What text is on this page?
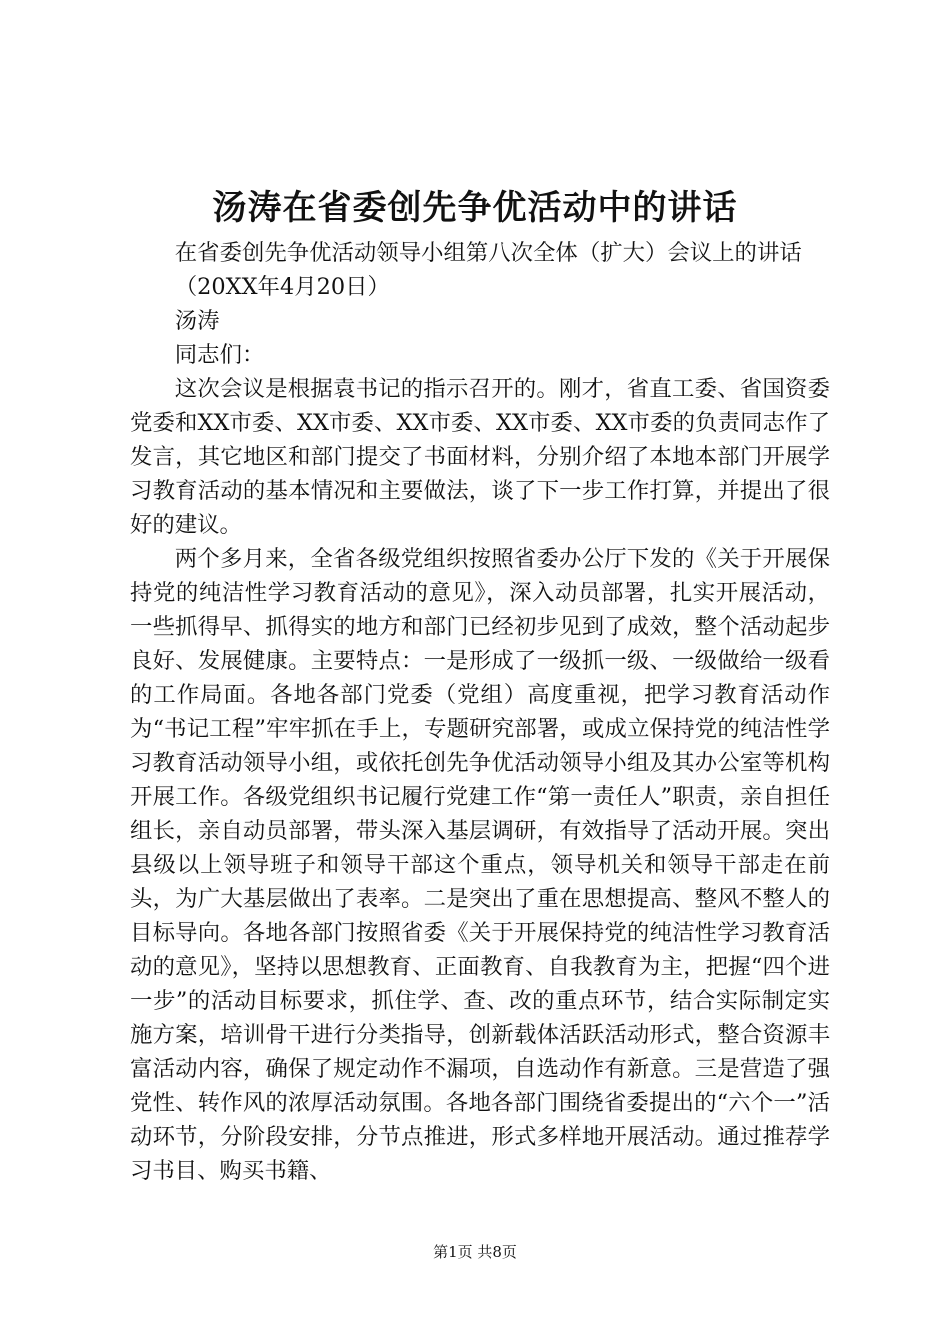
汤涛在省委创先争优活动中的讲话

在省委创先争优活动领导小组第八次全体（扩大）会议上的讲话

（20XX年4月20日）

汤涛

同志们：

这次会议是根据袁书记的指示召开的。刚才，省直工委、省国资委党委和XX市委、XX市委、XX市委、XX市委、XX市委的负责同志作了发言，其它地区和部门提交了书面材料，分别介绍了本地本部门开展学习教育活动的基本情况和主要做法，谈了下一步工作打算，并提出了很好的建议。

两个多月来，全省各级党组织按照省委办公厅下发的《关于开展保持党的纯洁性学习教育活动的意见》，深入动员部署，扎实开展活动，一些抓得早、抓得实的地方和部门已经初步见到了成效，整个活动起步良好、发展健康。主要特点：一是形成了一级抓一级、一级做给一级看的工作局面。各地各部门党委（党组）高度重视，把学习教育活动作为“书记工程”牢牢抓在手上，专题研究部署，或成立保持党的纯洁性学习教育活动领导小组，或依托创先争优活动领导小组及其办公室等机构开展工作。各级党组织书记履行党建工作“第一责任人”职责，亲自担任组长，亲自动员部署，带头深入基层调研，有效指导了活动开展。突出县级以上领导班子和领导干部这个重点，领导机关和领导干部走在前头，为广大基层做出了表率。二是突出了重在思想提高、整风不整人的目标导向。各地各部门按照省委《关于开展保持党的纯洁性学习教育活动的意见》，坚持以思想教育、正面教育、自我教育为主，把握“四个进一步”的活动目标要求，抓住学、查、改的重点环节，结合实际制定实施方案，培训骨干进行分类指导，创新载体活跃活动形式，整合资源丰富活动内容，确保了规定动作不漏项，自选动作有新意。三是营造了强党性、转作风的浓厚活动氛围。各地各部门围绕省委提出的“六个一”活动环节，分阶段安排，分节点推进，形式多样地开展活动。通过推荐学习书目、购买书籍、

第1页 共8页
